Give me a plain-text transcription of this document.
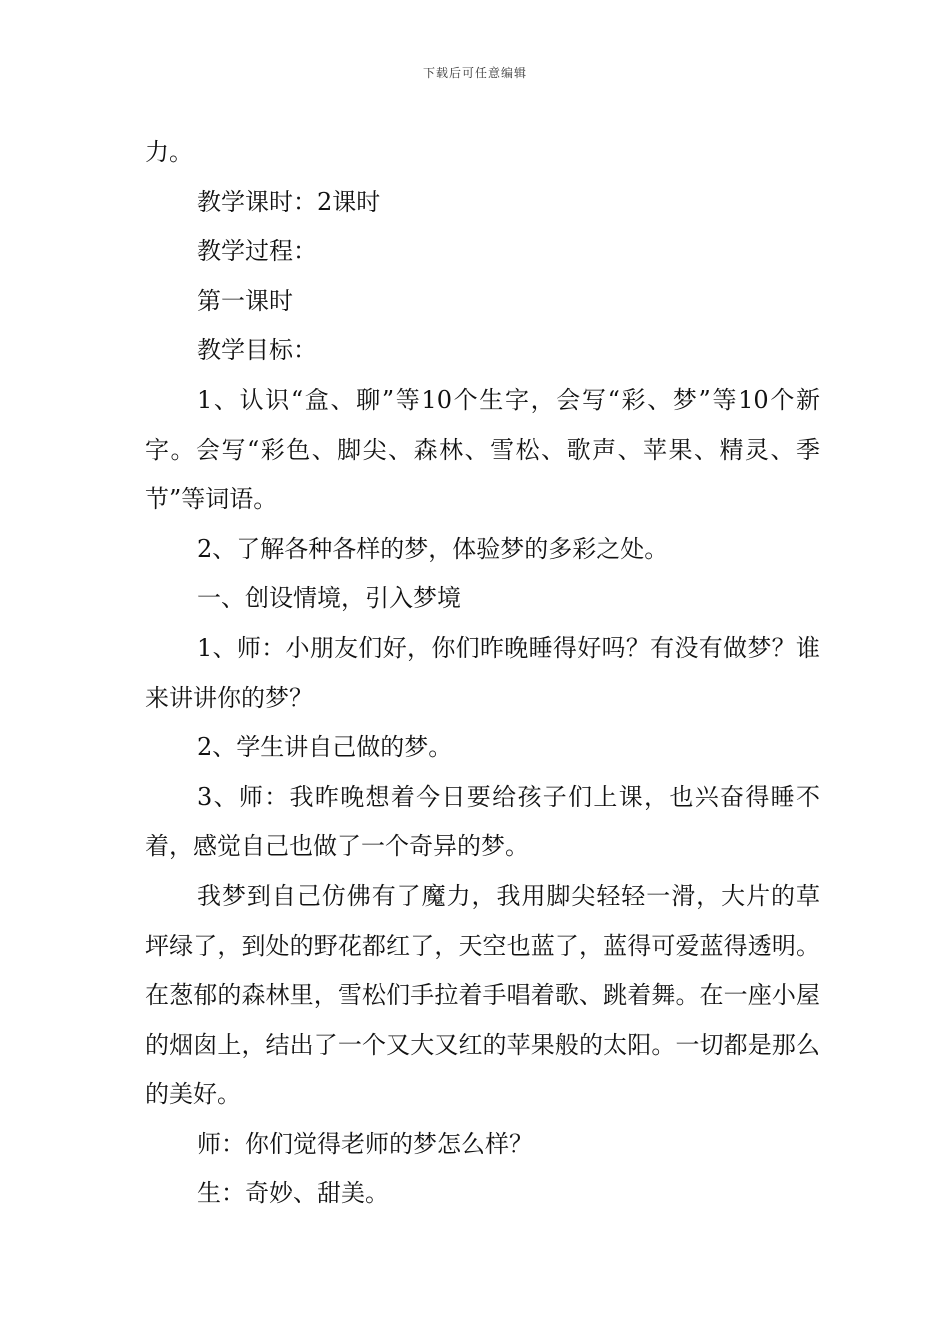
下载后可任意编辑

力。

教学课时：2课时

教学过程：

第一课时

教学目标：

1、认识“盒、聊”等10个生字，会写“彩、梦”等10个新字。会写“彩色、脚尖、森林、雪松、歌声、苹果、精灵、季节”等词语。

2、了解各种各样的梦，体验梦的多彩之处。

一、创设情境，引入梦境

1、师：小朋友们好，你们昨晚睡得好吗？有没有做梦？谁来讲讲你的梦？

2、学生讲自己做的梦。

3、师：我昨晚想着今日要给孩子们上课，也兴奋得睡不着，感觉自己也做了一个奇异的梦。

我梦到自己仿佛有了魔力，我用脚尖轻轻一滑，大片的草坪绿了，到处的野花都红了，天空也蓝了，蓝得可爱蓝得透明。在葱郁的森林里，雪松们手拉着手唱着歌、跳着舞。在一座小屋的烟囱上，结出了一个又大又红的苹果般的太阳。一切都是那么的美好。

师：你们觉得老师的梦怎么样？

生：奇妙、甜美。
